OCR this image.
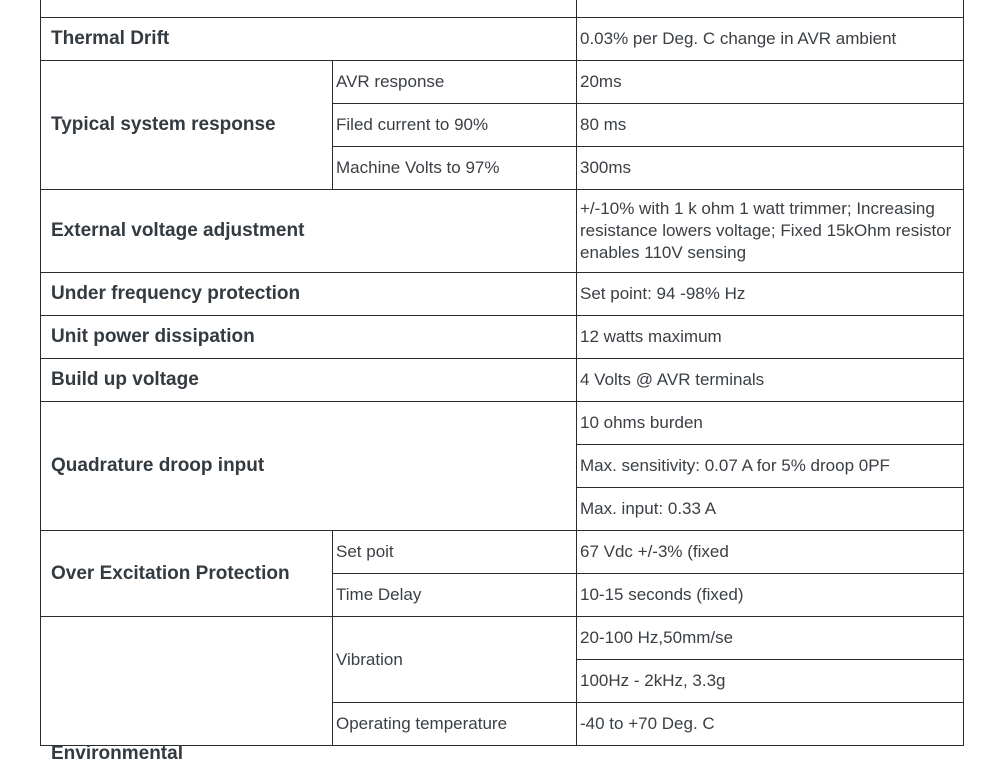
Thermal Drift		0.03% per Deg. C change in AVR ambient
Typical system response	AVR response	20ms
	Filed current to 90%	80 ms
	Machine Volts to 97%	300ms
External voltage adjustment		+/-10% with 1 k ohm 1 watt trimmer; Increasing resistance lowers voltage; Fixed 15kOhm resistor enables 110V sensing
Under frequency protection		Set point: 94 -98% Hz
Unit power dissipation		12 watts maximum
Build up voltage		4 Volts @ AVR terminals
Quadrature droop input		10 ohms burden
		Max. sensitivity: 0.07 A for 5% droop 0PF
		Max. input: 0.33 A
Over Excitation Protection	Set poit	67 Vdc +/-3% (fixed
	Time Delay	10-15 seconds (fixed)

Environmental	Vibration	20-100 Hz,50mm/se
		100Hz - 2kHz, 3.3g
	Operating temperature	-40 to +70 Deg. C
